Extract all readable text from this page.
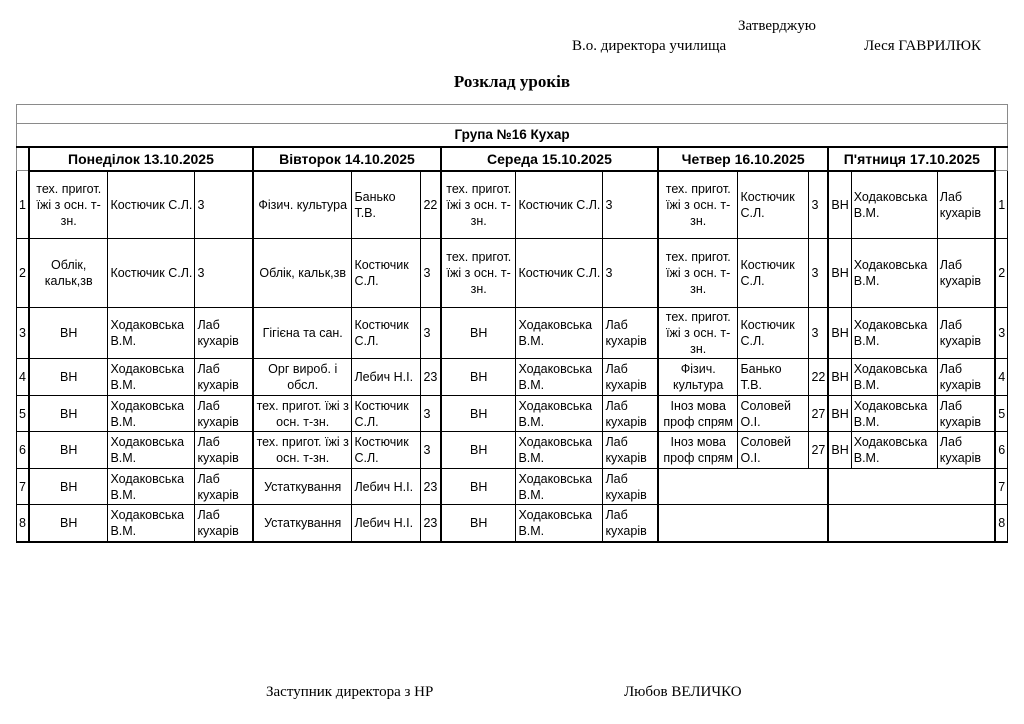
Затверджую
В.о. директора училища	Леся ГАВРИЛЮК
Розклад уроків

Група №16 Кухар																
	Понеділок 13.10.2025			Вівторок 14.10.2025			Середа 15.10.2025			Четвер 16.10.2025			П'ятниця 17.10.2025			
1	тех. пригот. їжі з осн. т-зн.	Костючик С.Л.	3	Фізич. культура	Банько Т.В.	22	тех. пригот. їжі з осн. т-зн.	Костючик С.Л.	3	тех. пригот. їжі з осн. т-зн.	Костючик С.Л.	3	ВН	Ходаковська В.М.	Лаб кухарів	1
2	Облік, кальк,зв	Костючик С.Л.	3	Облік, кальк,зв	Костючик С.Л.	3	тех. пригот. їжі з осн. т-зн.	Костючик С.Л.	3	тех. пригот. їжі з осн. т-зн.	Костючик С.Л.	3	ВН	Ходаковська В.М.	Лаб кухарів	2
3	ВН	Ходаковська В.М.	Лаб кухарів	Гігієна та сан.	Костючик С.Л.	3	ВН	Ходаковська В.М.	Лаб кухарів	тех. пригот. їжі з осн. т-зн.	Костючик С.Л.	3	ВН	Ходаковська В.М.	Лаб кухарів	3
4	ВН	Ходаковська В.М.	Лаб кухарів	Орг вироб. і обсл.	Лебич Н.І.	23	ВН	Ходаковська В.М.	Лаб кухарів	Фізич. культура	Банько Т.В.	22	ВН	Ходаковська В.М.	Лаб кухарів	4
5	ВН	Ходаковська В.М.	Лаб кухарів	тех. пригот. їжі з осн. т-зн.	Костючик С.Л.	3	ВН	Ходаковська В.М.	Лаб кухарів	Іноз мова проф спрям	Соловей О.І.	27	ВН	Ходаковська В.М.	Лаб кухарів	5
6	ВН	Ходаковська В.М.	Лаб кухарів	тех. пригот. їжі з осн. т-зн.	Костючик С.Л.	3	ВН	Ходаковська В.М.	Лаб кухарів	Іноз мова проф спрям	Соловей О.І.	27	ВН	Ходаковська В.М.	Лаб кухарів	6
7	ВН	Ходаковська В.М.	Лаб кухарів	Устаткування	Лебич Н.І.	23	ВН	Ходаковська В.М.	Лаб кухарів							7
8	ВН	Ходаковська В.М.	Лаб кухарів	Устаткування	Лебич Н.І.	23	ВН	Ходаковська В.М.	Лаб кухарів							8
Заступник директора з НР	Любов ВЕЛИЧКО
